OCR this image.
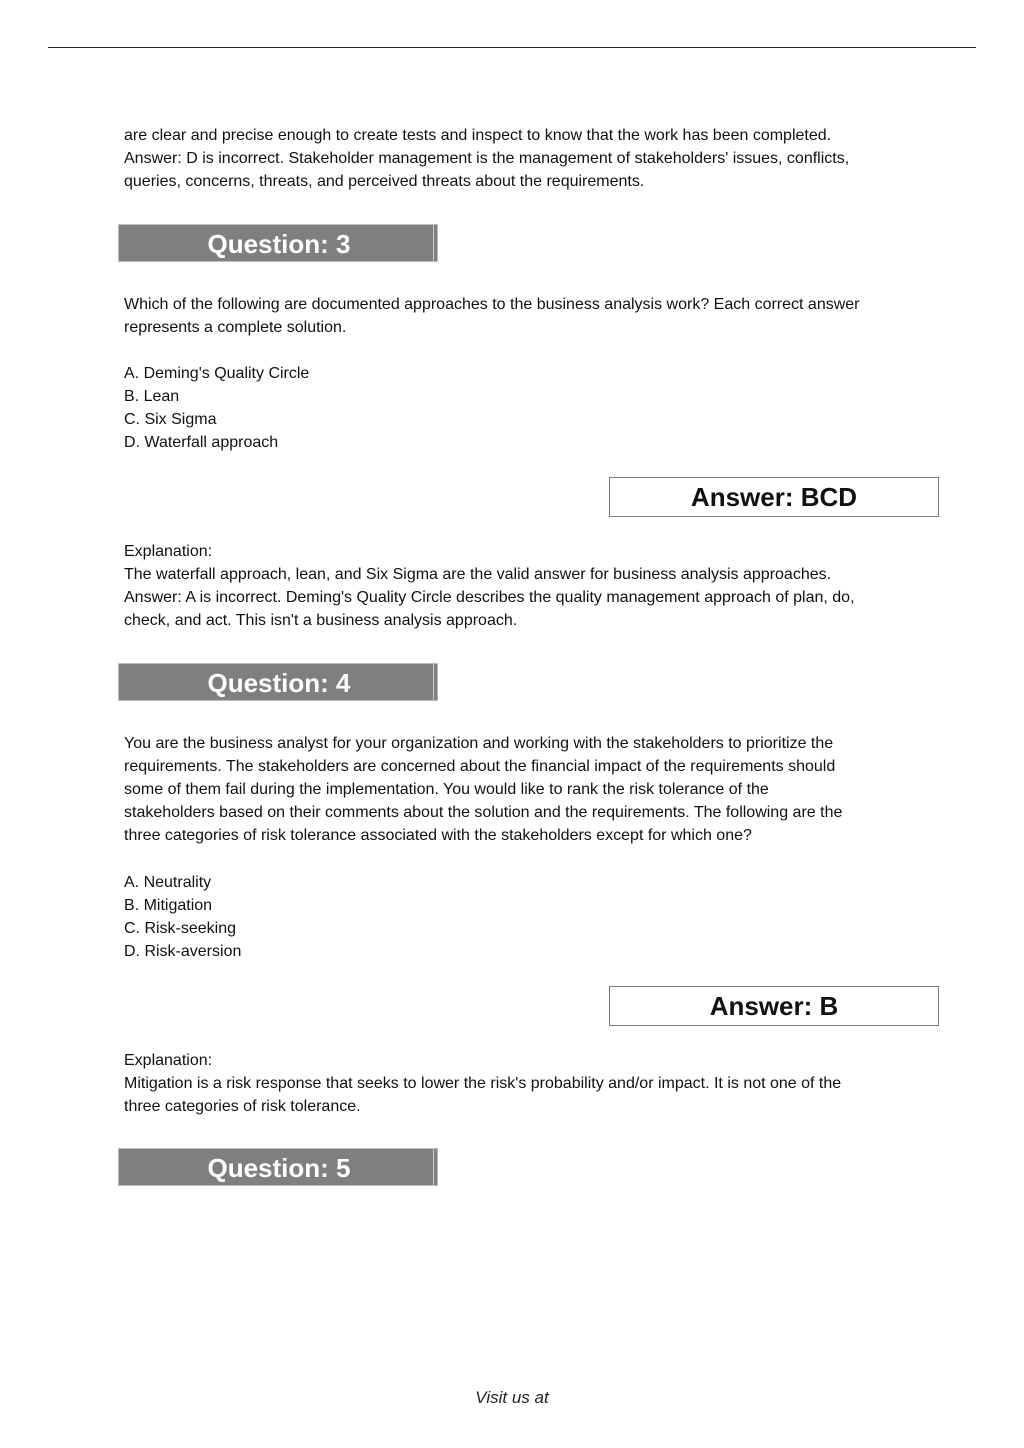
are clear and precise enough to create tests and inspect to know that the work has been completed.
Answer: D is incorrect. Stakeholder management is the management of stakeholders' issues, conflicts,
queries, concerns, threats, and perceived threats about the requirements.
Question: 3
Which of the following are documented approaches to the business analysis work? Each correct answer
represents a complete solution.
A. Deming's Quality Circle
B. Lean
C. Six Sigma
D. Waterfall approach
Answer: BCD
Explanation:
The waterfall approach, lean, and Six Sigma are the valid answer for business analysis approaches.
Answer: A is incorrect. Deming's Quality Circle describes the quality management approach of plan, do,
check, and act. This isn't a business analysis approach.
Question: 4
You are the business analyst for your organization and working with the stakeholders to prioritize the
requirements. The stakeholders are concerned about the financial impact of the requirements should
some of them fail during the implementation. You would like to rank the risk tolerance of the
stakeholders based on their comments about the solution and the requirements. The following are the
three categories of risk tolerance associated with the stakeholders except for which one?
A. Neutrality
B. Mitigation
C. Risk-seeking
D. Risk-aversion
Answer: B
Explanation:
Mitigation is a risk response that seeks to lower the risk's probability and/or impact. It is not one of the
three categories of risk tolerance.
Question: 5
Visit us at
